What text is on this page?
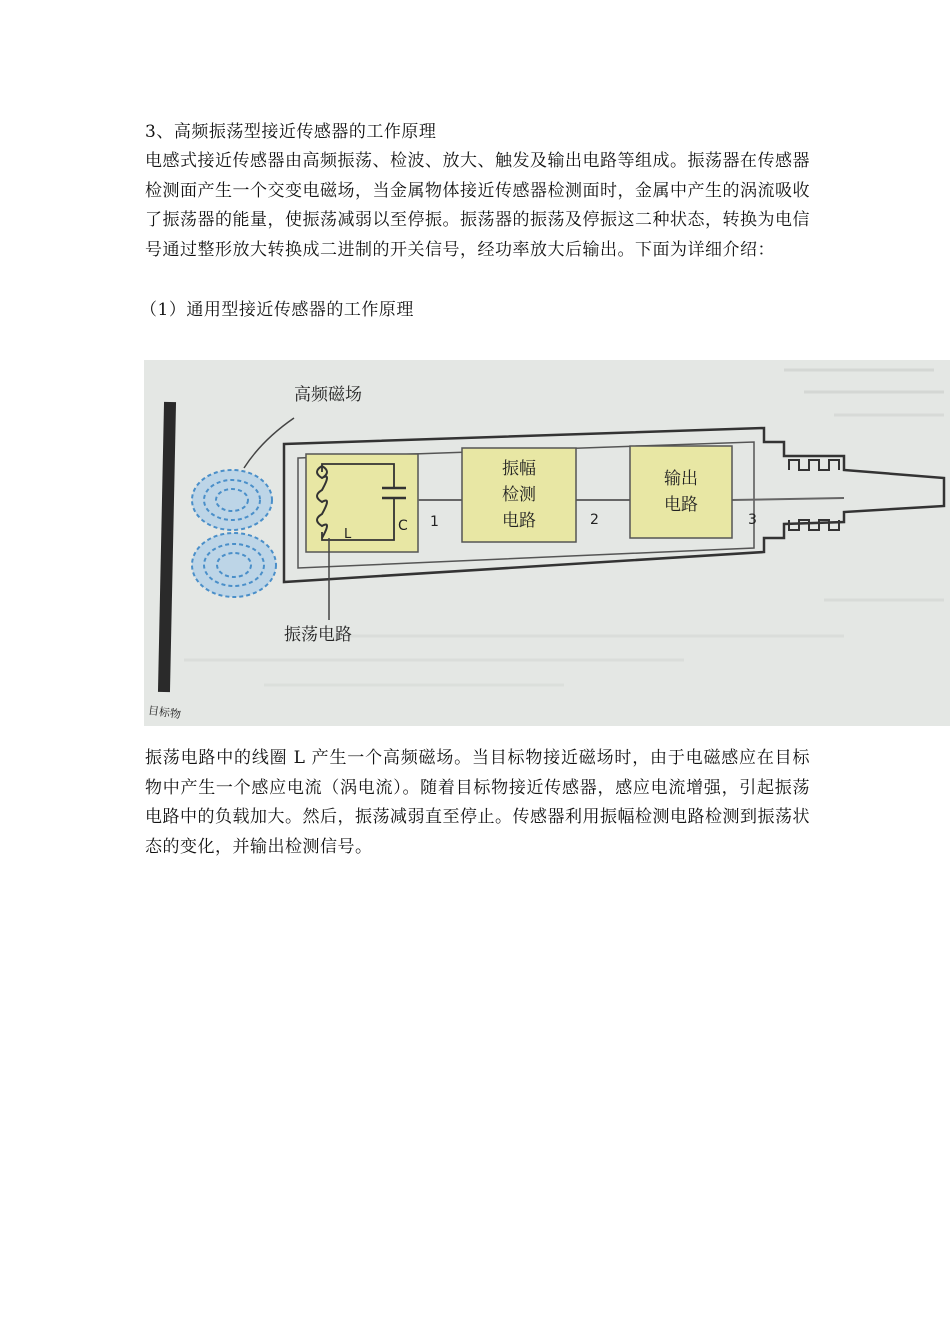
3、高频振荡型接近传感器的工作原理
电感式接近传感器由高频振荡、检波、放大、触发及输出电路等组成。振荡器在传感器检测面产生一个交变电磁场，当金属物体接近传感器检测面时，金属中产生的涡流吸收了振荡器的能量，使振荡减弱以至停振。振荡器的振荡及停振这二种状态，转换为电信号通过整形放大转换成二进制的开关信号，经功率放大后输出。下面为详细介绍：
（1）通用型接近传感器的工作原理
C
L
1	2	3
振幅
检测
电路
输出
电路
高频磁场
振荡电路
目标物
振荡电路中的线圈 L 产生一个高频磁场。当目标物接近磁场时，由于电磁感应在目标物中产生一个感应电流（涡电流）。随着目标物接近传感器，感应电流增强，引起振荡电路中的负载加大。然后，振荡减弱直至停止。传感器利用振幅检测电路检测到振荡状态的变化，并输出检测信号。
